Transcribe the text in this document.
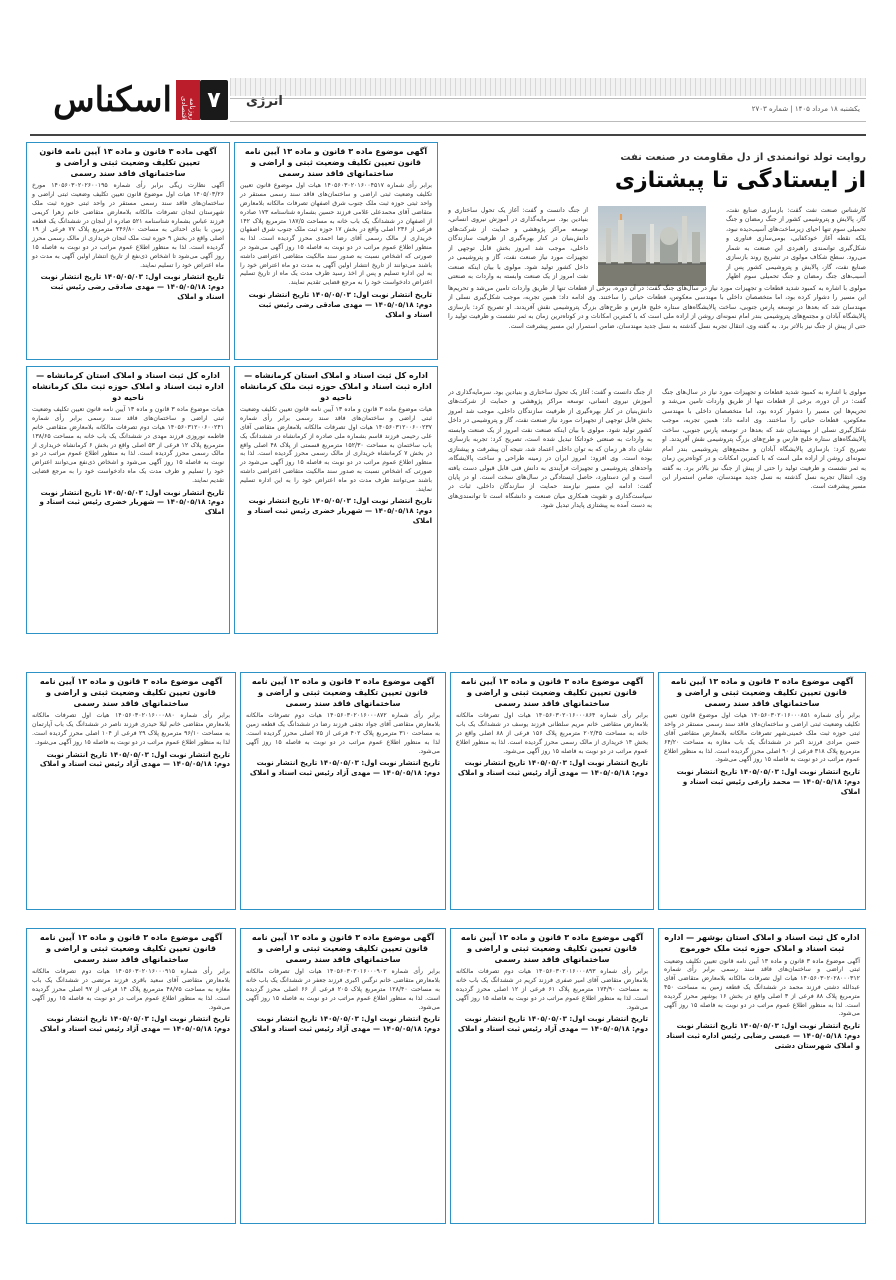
۷
روزنامه اقتصادی
اسکناس	یکشنبه ۱۸ مرداد ۱۴۰۵ | شماره ۲۷۰۳
انرژی
روایت تولد توانمندی از دل مقاومت در صنعت نفت
از ایستادگی تا پیشتازی

کارشناس صنعت نفت گفت: بازسازی صنایع نفت، گاز، پالایش و پتروشیمی کشور از جنگ رمضان و جنگ تحمیلی سوم تنها احیای زیرساخت‌های آسیب‌دیده نبود، بلکه نقطه آغاز خودکفایی، بومی‌سازی فناوری و شکل‌گیری توانمندی راهبردی این صنعت به شمار می‌رود. سطح شکاف مولوی در تشریح روند بازسازی صنایع نفت، گاز، پالایش و پتروشیمی کشور پس از آسیب‌های جنگ رمضان و جنگ تحمیلی سوم اظهار

مولوی با اشاره به کمبود شدید قطعات و تجهیزات مورد نیاز در سال‌های جنگ گفت: در آن دوره، برخی از قطعات تنها از طریق واردات تامین می‌شد و تحریم‌ها این مسیر را دشوار کرده بود، اما متخصصان داخلی با مهندسی معکوس، قطعات حیاتی را ساختند. وی ادامه داد: همین تجربه، موجب شکل‌گیری نسلی از مهندسان شد که بعدها در توسعه پارس جنوبی، ساخت پالایشگاه‌های ستاره خلیج فارس و طرح‌های بزرگ پتروشیمی نقش آفریدند. او تصریح کرد: بازسازی پالایشگاه آبادان و مجتمع‌های پتروشیمی بندر امام نمونه‌ای روشن از اراده ملی است که با کمترین امکانات و در کوتاه‌ترین زمان به ثمر نشست و ظرفیت تولید را حتی از پیش از جنگ نیز بالاتر برد. به گفته وی، انتقال تجربه نسل گذشته به نسل جدید مهندسان، ضامن استمرار این مسیر پیشرفت است.

از جنگ دانست و گفت: آغاز یک تحول ساختاری و بنیادین بود. سرمایه‌گذاری در آموزش نیروی انسانی، توسعه مراکز پژوهشی و حمایت از شرکت‌های دانش‌بنیان در کنار بهره‌گیری از ظرفیت سازندگان داخلی، موجب شد امروز بخش قابل توجهی از تجهیزات مورد نیاز صنعت نفت، گاز و پتروشیمی در داخل کشور تولید شود. مولوی با بیان اینکه صنعت نفت امروز از یک صنعت وابسته به واردات به صنعتی

مولوی با اشاره به کمبود شدید قطعات و تجهیزات مورد نیاز در سال‌های جنگ گفت: در آن دوره، برخی از قطعات تنها از طریق واردات تامین می‌شد و تحریم‌ها این مسیر را دشوار کرده بود، اما متخصصان داخلی با مهندسی معکوس، قطعات حیاتی را ساختند. وی ادامه داد: همین تجربه، موجب شکل‌گیری نسلی از مهندسان شد که بعدها در توسعه پارس جنوبی، ساخت پالایشگاه‌های ستاره خلیج فارس و طرح‌های بزرگ پتروشیمی نقش آفریدند. او تصریح کرد: بازسازی پالایشگاه آبادان و مجتمع‌های پتروشیمی بندر امام نمونه‌ای روشن از اراده ملی است که با کمترین امکانات و در کوتاه‌ترین زمان به ثمر نشست و ظرفیت تولید را حتی از پیش از جنگ نیز بالاتر برد. به گفته وی، انتقال تجربه نسل گذشته به نسل جدید مهندسان، ضامن استمرار این مسیر پیشرفت است.

از جنگ دانست و گفت: آغاز یک تحول ساختاری و بنیادین بود. سرمایه‌گذاری در آموزش نیروی انسانی، توسعه مراکز پژوهشی و حمایت از شرکت‌های دانش‌بنیان در کنار بهره‌گیری از ظرفیت سازندگان داخلی، موجب شد امروز بخش قابل توجهی از تجهیزات مورد نیاز صنعت نفت، گاز و پتروشیمی در داخل کشور تولید شود. مولوی با بیان اینکه صنعت نفت امروز از یک صنعت وابسته به واردات به صنعتی خوداتکا تبدیل شده است، تصریح کرد: تجربه بازسازی نشان داد هر زمان که به توان داخلی اعتماد شد، نتیجه آن پیشرفت و پیشتازی بوده است. وی افزود: امروز ایران در زمینه طراحی و ساخت پالایشگاه، واحدهای پتروشیمی و تجهیزات فرآیندی به دانش فنی قابل قبولی دست یافته است و این دستاورد، حاصل ایستادگی در سال‌های سخت است. او در پایان گفت: ادامه این مسیر نیازمند حمایت از سازندگان داخلی، ثبات در سیاست‌گذاری و تقویت همکاری میان صنعت و دانشگاه است تا توانمندی‌های به دست آمده به پیشتازی پایدار تبدیل شود.

آگهی موضوع ماده ۳ قانون و ماده ۱۳ آیین نامه قانون تعیین تکلیف وضعیت ثبتی و اراضی و ساختمانهای فاقد سند رسمی
برابر رأی شماره ۱۴۰۵۶۰۳۰۲۰۱۶۰۰۴۵۱۷ هیات اول موضوع قانون تعیین تکلیف وضعیت ثبتی اراضی و ساختمان‌های فاقد سند رسمی مستقر در واحد ثبتی حوزه ثبت ملک جنوب شرق اصفهان تصرفات مالکانه بلامعارض متقاضی آقای محمدعلی غلامی فرزند حسین بشماره شناسنامه ۱۷۳ صادره از اصفهان در ششدانگ یک باب خانه به مساحت ۱۸۷/۵ مترمربع پلاک ۱۴۲ فرعی از ۲۳۶ اصلی واقع در بخش ۱۷ حوزه ثبت ملک جنوب شرق اصفهان خریداری از مالک رسمی آقای رضا احمدی محرز گردیده است. لذا به منظور اطلاع عموم مراتب در دو نوبت به فاصله ۱۵ روز آگهی می‌شود در صورتی که اشخاص نسبت به صدور سند مالکیت متقاضی اعتراضی داشته باشند می‌توانند از تاریخ انتشار اولین آگهی به مدت دو ماه اعتراض خود را به این اداره تسلیم و پس از اخذ رسید ظرف مدت یک ماه از تاریخ تسلیم اعتراض دادخواست خود را به مرجع قضایی تقدیم نمایند.
تاریخ انتشار نوبت اول: ۱۴۰۵/۰۵/۰۳ تاریخ انتشار نوبت دوم: ۱۴۰۵/۰۵/۱۸ — مهدی صادقی رضی رئیس ثبت اسناد و املاک
آگهی ماده ۳ قانون و ماده ۱۳ آیین نامه قانون تعیین تکلیف وضعیت ثبتی و اراضی و ساختمانهای فاقد سند رسمی
آگهی نظارت زیگی برابر رأی شماره ۱۴۰۵۶۰۳۰۲۰۲۶۰۰۱۹۵ مورخ ۱۴۰۵/۰۳/۲۶ هیات اول موضوع قانون تعیین تکلیف وضعیت ثبتی اراضی و ساختمان‌های فاقد سند رسمی مستقر در واحد ثبتی حوزه ثبت ملک شهرستان لنجان تصرفات مالکانه بلامعارض متقاضی خانم زهرا کریمی فرزند عباس بشماره شناسنامه ۵۲۱ صادره از لنجان در ششدانگ یک قطعه زمین با بنای احداثی به مساحت ۲۴۶/۸۰ مترمربع پلاک ۷۷ فرعی از ۱۹ اصلی واقع در بخش ۹ حوزه ثبت ملک لنجان خریداری از مالک رسمی محرز گردیده است. لذا به منظور اطلاع عموم مراتب در دو نوبت به فاصله ۱۵ روز آگهی می‌شود تا اشخاص ذی‌نفع از تاریخ انتشار اولین آگهی به مدت دو ماه اعتراض خود را تسلیم نمایند.
تاریخ انتشار نوبت اول: ۱۴۰۵/۰۵/۰۳ تاریخ انتشار نوبت دوم: ۱۴۰۵/۰۵/۱۸ — مهدی صادقی رضی رئیس ثبت اسناد و املاک
اداره کل ثبت اسناد و املاک استان کرمانشاه — اداره ثبت اسناد و املاک حوزه ثبت ملک کرمانشاه ناحیه دو
هیات موضوع ماده ۳ قانون و ماده ۱۳ آیین نامه قانون تعیین تکلیف وضعیت ثبتی اراضی و ساختمان‌های فاقد سند رسمی برابر رأی شماره ۱۴۰۵۶۰۳۱۲۰۰۶۰۰۲۳۷ هیات اول تصرفات مالکانه بلامعارض متقاضی آقای علی رحیمی فرزند قاسم بشماره ملی صادره از کرمانشاه در ششدانگ یک باب ساختمان به مساحت ۱۵۲/۳۰ مترمربع قسمتی از پلاک ۴۸ اصلی واقع در بخش ۷ کرمانشاه خریداری از مالک رسمی محرز گردیده است. لذا به منظور اطلاع عموم مراتب در دو نوبت به فاصله ۱۵ روز آگهی می‌شود در صورتی که اشخاص نسبت به صدور سند مالکیت متقاضی اعتراضی داشته باشند می‌توانند ظرف مدت دو ماه اعتراض خود را به این اداره تسلیم نمایند.
تاریخ انتشار نوبت اول: ۱۴۰۵/۰۵/۰۳ تاریخ انتشار نوبت دوم: ۱۴۰۵/۰۵/۱۸ — شهریار خضری رئیس ثبت اسناد و املاک
اداره کل ثبت اسناد و املاک استان کرمانشاه — اداره ثبت اسناد و املاک حوزه ثبت ملک کرمانشاه ناحیه دو
هیات موضوع ماده ۳ قانون و ماده ۱۳ آیین نامه قانون تعیین تکلیف وضعیت ثبتی اراضی و ساختمان‌های فاقد سند رسمی برابر رأی شماره ۱۴۰۵۶۰۳۱۲۰۰۶۰۰۲۴۱ هیات دوم تصرفات مالکانه بلامعارض متقاضی خانم فاطمه نوروزی فرزند مهدی در ششدانگ یک باب خانه به مساحت ۱۳۸/۶۵ مترمربع پلاک ۱۲ فرعی از ۵۳ اصلی واقع در بخش ۶ کرمانشاه خریداری از مالک رسمی محرز گردیده است. لذا به منظور اطلاع عموم مراتب در دو نوبت به فاصله ۱۵ روز آگهی می‌شود و اشخاص ذی‌نفع می‌توانند اعتراض خود را تسلیم و ظرف مدت یک ماه دادخواست خود را به مرجع قضایی تقدیم نمایند.
تاریخ انتشار نوبت اول: ۱۴۰۵/۰۵/۰۳ تاریخ انتشار نوبت دوم: ۱۴۰۵/۰۵/۱۸ — شهریار خضری رئیس ثبت اسناد و املاک
آگهی موضوع ماده ۳ قانون و ماده ۱۳ آیین نامه قانون تعیین تکلیف وضعیت ثبتی و اراضی و ساختمانهای فاقد سند رسمی
برابر رأی شماره ۱۴۰۵۶۰۳۰۲۰۱۶۰۰۰۸۵۱ هیات اول موضوع قانون تعیین تکلیف وضعیت ثبتی اراضی و ساختمان‌های فاقد سند رسمی مستقر در واحد ثبتی حوزه ثبت ملک خمینی‌شهر تصرفات مالکانه بلامعارض متقاضی آقای حسن مرادی فرزند اکبر در ششدانگ یک باب مغازه به مساحت ۶۴/۲۰ مترمربع پلاک ۳۱۸ فرعی از ۹۰ اصلی محرز گردیده است. لذا به منظور اطلاع عموم مراتب در دو نوبت به فاصله ۱۵ روز آگهی می‌شود.
تاریخ انتشار نوبت اول: ۱۴۰۵/۰۵/۰۳ تاریخ انتشار نوبت دوم: ۱۴۰۵/۰۵/۱۸ — محمد زارعی رئیس ثبت اسناد و املاک
آگهی موضوع ماده ۳ قانون و ماده ۱۳ آیین نامه قانون تعیین تکلیف وضعیت ثبتی و اراضی و ساختمانهای فاقد سند رسمی
برابر رأی شماره ۱۴۰۵۶۰۳۰۲۰۱۶۰۰۰۸۶۴ هیات اول تصرفات مالکانه بلامعارض متقاضی خانم مریم سلطانی فرزند یوسف در ششدانگ یک باب خانه به مساحت ۲۰۲/۴۵ مترمربع پلاک ۱۵۶ فرعی از ۸۸ اصلی واقع در بخش ۱۴ خریداری از مالک رسمی محرز گردیده است. لذا به منظور اطلاع عموم مراتب در دو نوبت به فاصله ۱۵ روز آگهی می‌شود.
تاریخ انتشار نوبت اول: ۱۴۰۵/۰۵/۰۳ تاریخ انتشار نوبت دوم: ۱۴۰۵/۰۵/۱۸ — مهدی آزاد رئیس ثبت اسناد و املاک
آگهی موضوع ماده ۳ قانون و ماده ۱۳ آیین نامه قانون تعیین تکلیف وضعیت ثبتی و اراضی و ساختمانهای فاقد سند رسمی
برابر رأی شماره ۱۴۰۵۶۰۳۰۲۰۱۶۰۰۰۸۷۲ هیات دوم تصرفات مالکانه بلامعارض متقاضی آقای جواد نجفی فرزند رضا در ششدانگ یک قطعه زمین به مساحت ۳۱۰ مترمربع پلاک ۴۰۲ فرعی از ۷۵ اصلی محرز گردیده است. لذا به منظور اطلاع عموم مراتب در دو نوبت به فاصله ۱۵ روز آگهی می‌شود.
تاریخ انتشار نوبت اول: ۱۴۰۵/۰۵/۰۳ تاریخ انتشار نوبت دوم: ۱۴۰۵/۰۵/۱۸ — مهدی آزاد رئیس ثبت اسناد و املاک
آگهی موضوع ماده ۳ قانون و ماده ۱۳ آیین نامه قانون تعیین تکلیف وضعیت ثبتی و اراضی و ساختمانهای فاقد سند رسمی
برابر رأی شماره ۱۴۰۵۶۰۳۰۲۰۱۶۰۰۰۸۸۰ هیات اول تصرفات مالکانه بلامعارض متقاضی خانم لیلا حیدری فرزند ناصر در ششدانگ یک باب آپارتمان به مساحت ۹۶/۱۰ مترمربع پلاک ۲۹ فرعی از ۱۰۴ اصلی محرز گردیده است. لذا به منظور اطلاع عموم مراتب در دو نوبت به فاصله ۱۵ روز آگهی می‌شود.
تاریخ انتشار نوبت اول: ۱۴۰۵/۰۵/۰۳ تاریخ انتشار نوبت دوم: ۱۴۰۵/۰۵/۱۸ — مهدی آزاد رئیس ثبت اسناد و املاک
اداره کل ثبت اسناد و املاک استان بوشهر — اداره ثبت اسناد و املاک حوزه ثبت ملک خورموج
آگهی موضوع ماده ۳ قانون و ماده ۱۳ آیین نامه قانون تعیین تکلیف وضعیت ثبتی اراضی و ساختمان‌های فاقد سند رسمی برابر رأی شماره ۱۴۰۵۶۰۳۰۲۰۲۸۰۰۰۳۱۲ هیات اول تصرفات مالکانه بلامعارض متقاضی آقای عبدالله دشتی فرزند محمد در ششدانگ یک قطعه زمین به مساحت ۴۵۰ مترمربع پلاک ۸۸ فرعی از ۳ اصلی واقع در بخش ۱۶ بوشهر محرز گردیده است. لذا به منظور اطلاع عموم مراتب در دو نوبت به فاصله ۱۵ روز آگهی می‌شود.
تاریخ انتشار نوبت اول: ۱۴۰۵/۰۵/۰۳ تاریخ انتشار نوبت دوم: ۱۴۰۵/۰۵/۱۸ — عیسی رضایی رئیس اداره ثبت اسناد و املاک شهرستان دشتی
آگهی موضوع ماده ۳ قانون و ماده ۱۳ آیین نامه قانون تعیین تکلیف وضعیت ثبتی و اراضی و ساختمانهای فاقد سند رسمی
برابر رأی شماره ۱۴۰۵۶۰۳۰۲۰۱۶۰۰۰۸۹۳ هیات دوم تصرفات مالکانه بلامعارض متقاضی آقای امیر صفری فرزند کریم در ششدانگ یک باب خانه به مساحت ۱۷۴/۹۰ مترمربع پلاک ۶۱ فرعی از ۱۲ اصلی محرز گردیده است. لذا به منظور اطلاع عموم مراتب در دو نوبت به فاصله ۱۵ روز آگهی می‌شود.
تاریخ انتشار نوبت اول: ۱۴۰۵/۰۵/۰۳ تاریخ انتشار نوبت دوم: ۱۴۰۵/۰۵/۱۸ — مهدی آزاد رئیس ثبت اسناد و املاک
آگهی موضوع ماده ۳ قانون و ماده ۱۳ آیین نامه قانون تعیین تکلیف وضعیت ثبتی و اراضی و ساختمانهای فاقد سند رسمی
برابر رأی شماره ۱۴۰۵۶۰۳۰۲۰۱۶۰۰۰۹۰۲ هیات اول تصرفات مالکانه بلامعارض متقاضی خانم نرگس اکبری فرزند جعفر در ششدانگ یک باب خانه به مساحت ۱۲۸/۴۰ مترمربع پلاک ۲۰۵ فرعی از ۶۶ اصلی محرز گردیده است. لذا به منظور اطلاع عموم مراتب در دو نوبت به فاصله ۱۵ روز آگهی می‌شود.
تاریخ انتشار نوبت اول: ۱۴۰۵/۰۵/۰۳ تاریخ انتشار نوبت دوم: ۱۴۰۵/۰۵/۱۸ — مهدی آزاد رئیس ثبت اسناد و املاک
آگهی موضوع ماده ۳ قانون و ماده ۱۳ آیین نامه قانون تعیین تکلیف وضعیت ثبتی و اراضی و ساختمانهای فاقد سند رسمی
برابر رأی شماره ۱۴۰۵۶۰۳۰۲۰۱۶۰۰۰۹۱۵ هیات دوم تصرفات مالکانه بلامعارض متقاضی آقای سعید باقری فرزند مرتضی در ششدانگ یک باب مغازه به مساحت ۴۸/۷۵ مترمربع پلاک ۱۴ فرعی از ۹۷ اصلی محرز گردیده است. لذا به منظور اطلاع عموم مراتب در دو نوبت به فاصله ۱۵ روز آگهی می‌شود.
تاریخ انتشار نوبت اول: ۱۴۰۵/۰۵/۰۳ تاریخ انتشار نوبت دوم: ۱۴۰۵/۰۵/۱۸ — مهدی آزاد رئیس ثبت اسناد و املاک
